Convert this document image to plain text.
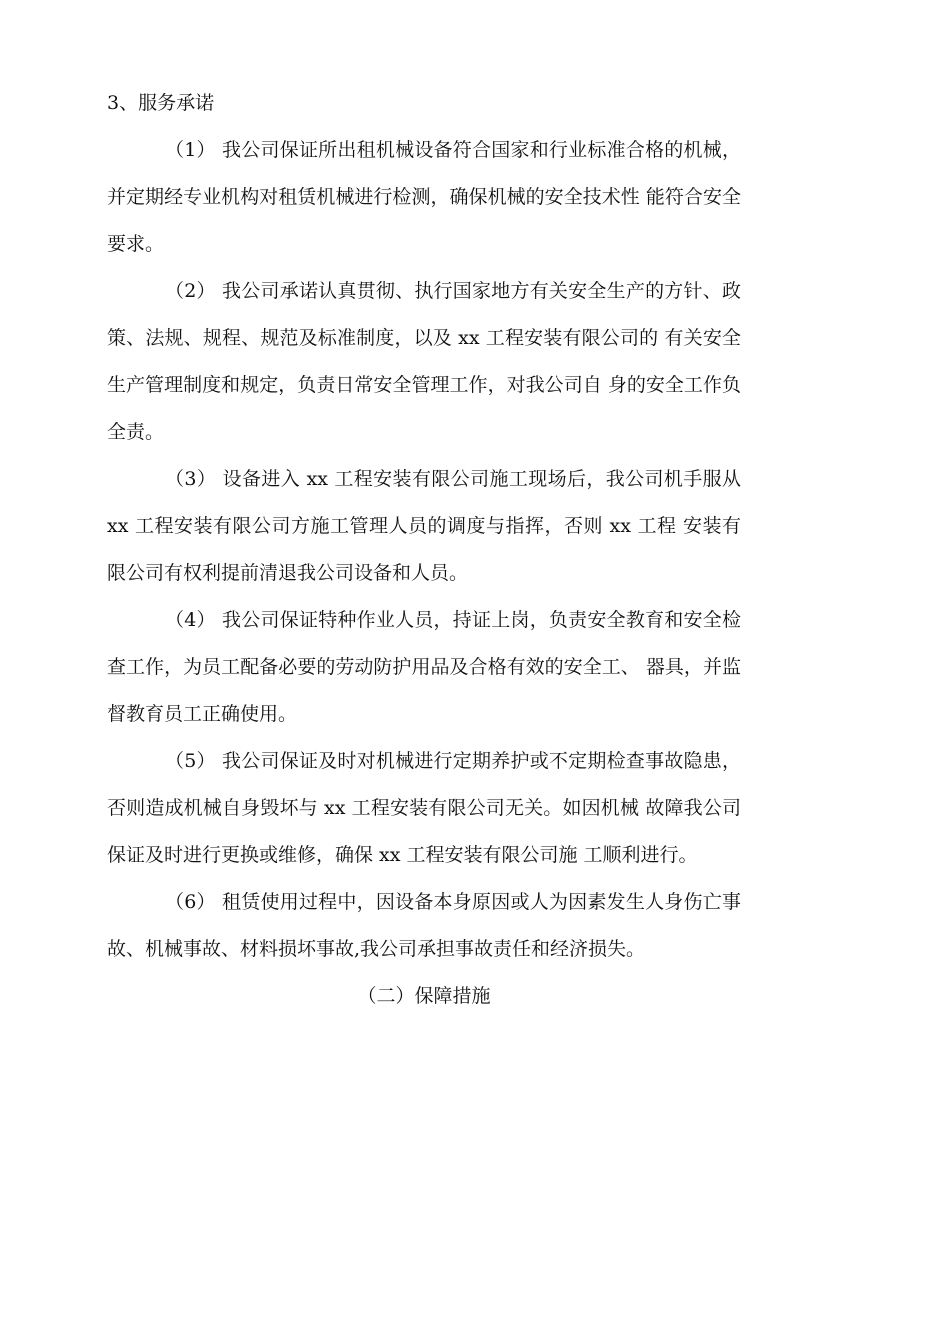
3、服务承诺

（1） 我公司保证所出租机械设备符合国家和行业标准合格的机械，并定期经专业机构对租赁机械进行检测，确保机械的安全技术性 能符合安全要求。

（2） 我公司承诺认真贯彻、执行国家地方有关安全生产的方针、政策、法规、规程、规范及标准制度，以及 xx 工程安装有限公司的 有关安全生产管理制度和规定，负责日常安全管理工作，对我公司自 身的安全工作负全责。

（3） 设备进入 xx 工程安装有限公司施工现场后，我公司机手服从 xx 工程安装有限公司方施工管理人员的调度与指挥，否则 xx 工程 安装有限公司有权利提前清退我公司设备和人员。

（4） 我公司保证特种作业人员，持证上岗，负责安全教育和安全检查工作，为员工配备必要的劳动防护用品及合格有效的安全工、 器具，并监督教育员工正确使用。

（5） 我公司保证及时对机械进行定期养护或不定期检查事故隐患，否则造成机械自身毁坏与 xx 工程安装有限公司无关。如因机械 故障我公司保证及时进行更换或维修，确保 xx 工程安装有限公司施 工顺利进行。

（6） 租赁使用过程中，因设备本身原因或人为因素发生人身伤亡事故、机械事故、材料损坏事故,我公司承担事故责任和经济损失。

（二）保障措施
